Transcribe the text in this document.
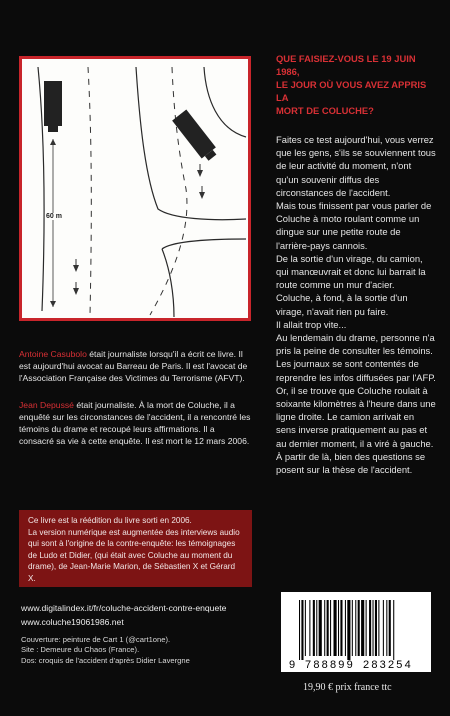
60 m
QUE FAISIEZ-VOUS LE 19 JUIN 1986,
LE JOUR OÙ VOUS AVEZ APPRIS LA
MORT DE COLUCHE?

Faites ce test aujourd'hui, vous verrez que les gens, s'ils se souviennent tous de leur activité du moment, n'ont qu'un souvenir diffus des circonstances de l'accident.

Mais tous finissent par vous parler de Coluche à moto roulant comme un dingue sur une petite route de l'arrière-pays cannois.

De la sortie d'un virage, du camion, qui manœuvrait et donc lui barrait la route comme un mur d'acier.

Coluche, à fond, à la sortie d'un virage, n'avait rien pu faire.

Il allait trop vite...

Au lendemain du drame, personne n'a pris la peine de consulter les témoins.

Les journaux se sont contentés de reprendre les infos diffusées par l'AFP.

Or, il se trouve que Coluche roulait à soixante kilomètres à l'heure dans une ligne droite. Le camion arrivait en sens inverse pratiquement au pas et au dernier moment, il a viré à gauche.

À partir de là, bien des questions se posent sur la thèse de l'accident.

Antoine Casubolo était journaliste lorsqu'il a écrit ce livre. Il est aujourd'hui avocat au Barreau de Paris. Il est l'avocat de l'Association Française des Victimes du Terrorisme (AFVT).

Jean Depussé était journaliste. À la mort de Coluche, il a enquêté sur les circonstances de l'accident, il a rencontré les témoins du drame et recoupé leurs affirmations. Il a consacré sa vie à cette enquête. Il est mort le 12 mars 2006.

Ce livre est la réédition du livre sorti en 2006.

La version numérique est augmentée des interviews audio qui sont à l'origine de la contre-enquête: les témoignages de Ludo et Didier, (qui était avec Coluche au moment du drame), de Jean-Marie Marion, de Sébastien X et Gérard X.

www.digitalindex.it/fr/coluche-accident-contre-enquete
www.coluche19061986.net
Couverture: peinture de Cart 1 (@cart1one).
Site : Demeure du Chaos (France).
Dos: croquis de l'accident d'après Didier Lavergne	9 788899 283254
19,90 € prix france ttc
